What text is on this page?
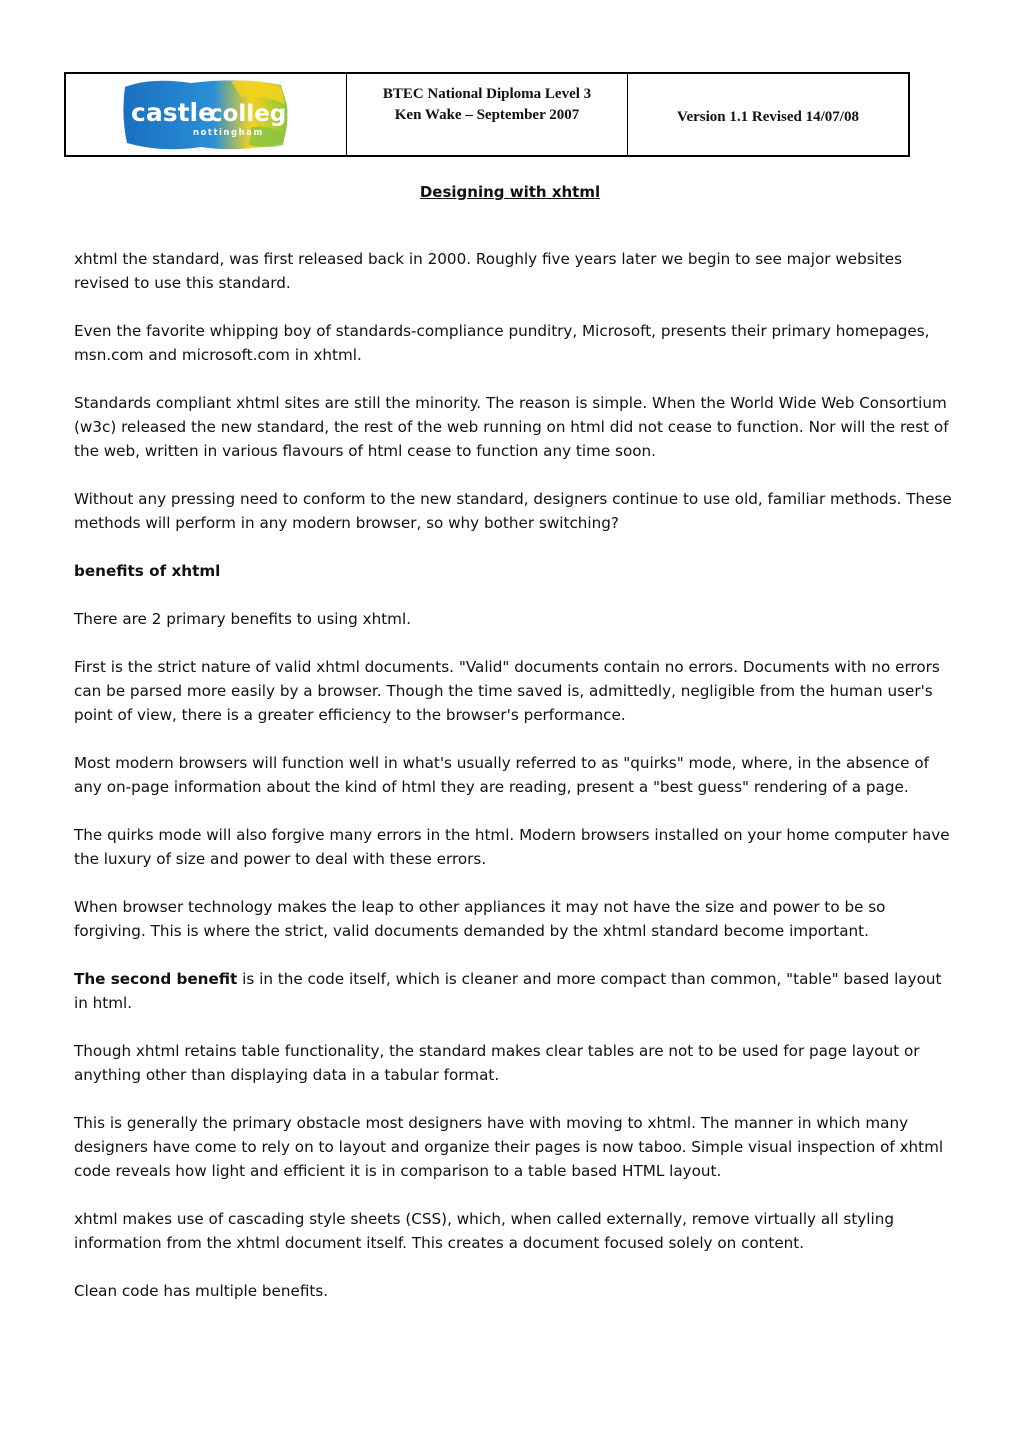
castle
college
nottingham
BTEC National Diploma Level 3
Ken Wake – September 2007	Version 1.1 Revised 14/07/08
Designing with xhtml

xhtml the standard, was first released back in 2000. Roughly five years later we begin to see major websites revised to use this standard.

Even the favorite whipping boy of standards-compliance punditry, Microsoft, presents their primary homepages, msn.com and microsoft.com in xhtml.

Standards compliant xhtml sites are still the minority. The reason is simple. When the World Wide Web Consortium (w3c) released the new standard, the rest of the web running on html did not cease to function. Nor will the rest of the web, written in various flavours of html cease to function any time soon.

Without any pressing need to conform to the new standard, designers continue to use old, familiar methods. These methods will perform in any modern browser, so why bother switching?

benefits of xhtml

There are 2 primary benefits to using xhtml.

First is the strict nature of valid xhtml documents. "Valid" documents contain no errors. Documents with no errors can be parsed more easily by a browser. Though the time saved is, admittedly, negligible from the human user's point of view, there is a greater efficiency to the browser's performance.

Most modern browsers will function well in what's usually referred to as "quirks" mode, where, in the absence of any on-page information about the kind of html they are reading, present a "best guess" rendering of a page.

The quirks mode will also forgive many errors in the html. Modern browsers installed on your home computer have the luxury of size and power to deal with these errors.

When browser technology makes the leap to other appliances it may not have the size and power to be so forgiving. This is where the strict, valid documents demanded by the xhtml standard become important.

The second benefit is in the code itself, which is cleaner and more compact than common, "table" based layout in html.

Though xhtml retains table functionality, the standard makes clear tables are not to be used for page layout or anything other than displaying data in a tabular format.

This is generally the primary obstacle most designers have with moving to xhtml. The manner in which many designers have come to rely on to layout and organize their pages is now taboo. Simple visual inspection of xhtml code reveals how light and efficient it is in comparison to a table based HTML layout.

xhtml makes use of cascading style sheets (CSS), which, when called externally, remove virtually all styling information from the xhtml document itself. This creates a document focused solely on content.

Clean code has multiple benefits.
